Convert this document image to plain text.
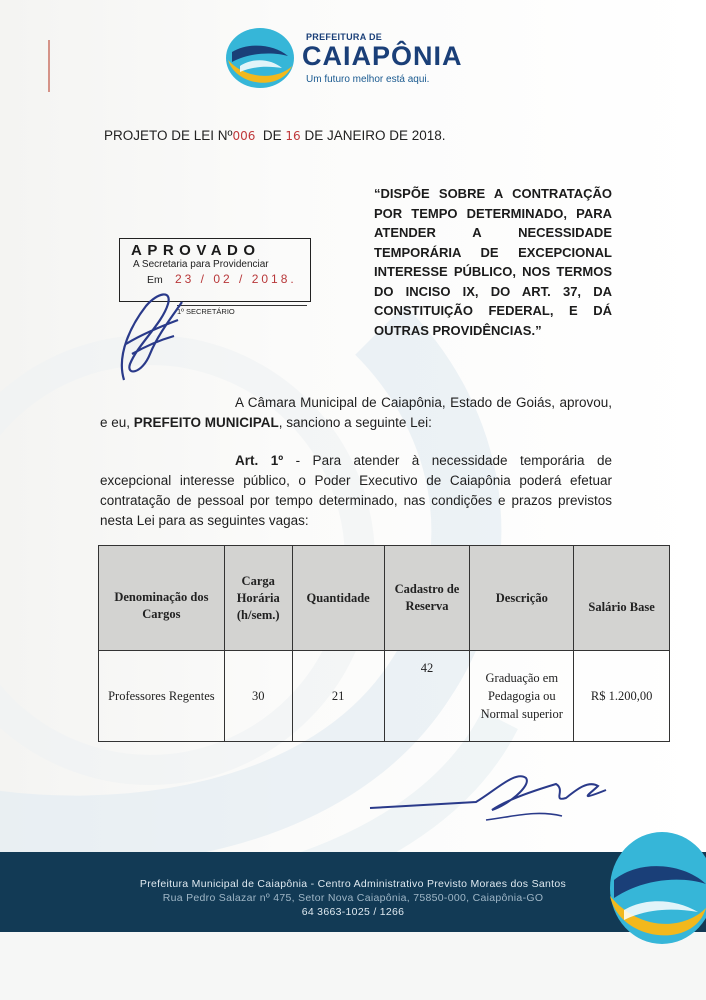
PREFEITURA DE
CAIAPÔNIA
Um futuro melhor está aqui.
PROJETO DE LEI Nº006 DE 16 DE JANEIRO DE 2018.
“DISPÕE SOBRE A CONTRATAÇÃO POR TEMPO DETERMINADO, PARA ATENDER A NECESSIDADE TEMPORÁRIA DE EXCEPCIONAL INTERESSE PÚBLICO, NOS TERMOS DO INCISO IX, DO ART. 37, DA CONSTITUIÇÃO FEDERAL, E DÁ OUTRAS PROVIDÊNCIAS.”
APROVADO
A Secretaria para Providenciar
Em 23 / 02 / 2018.
1º SECRETÁRIO
A Câmara Municipal de Caiapônia, Estado de Goiás, aprovou, e eu, PREFEITO MUNICIPAL, sanciono a seguinte Lei:
Art. 1º - Para atender à necessidade temporária de excepcional interesse público, o Poder Executivo de Caiapônia poderá efetuar contratação de pessoal por tempo determinado, nas condições e prazos previstos nesta Lei para as seguintes vagas:
Denominação dos Cargos	Carga Horária (h/sem.)	Quantidade	Cadastro de Reserva	Descrição	Salário Base
Professores Regentes	30	21	42	Graduação em Pedagogia ou Normal superior	R$ 1.200,00
Prefeitura Municipal de Caiapônia - Centro Administrativo Previsto Moraes dos Santos
Rua Pedro Salazar nº 475, Setor Nova Caiapônia, 75850-000, Caiapônia-GO
64 3663-1025 / 1266
